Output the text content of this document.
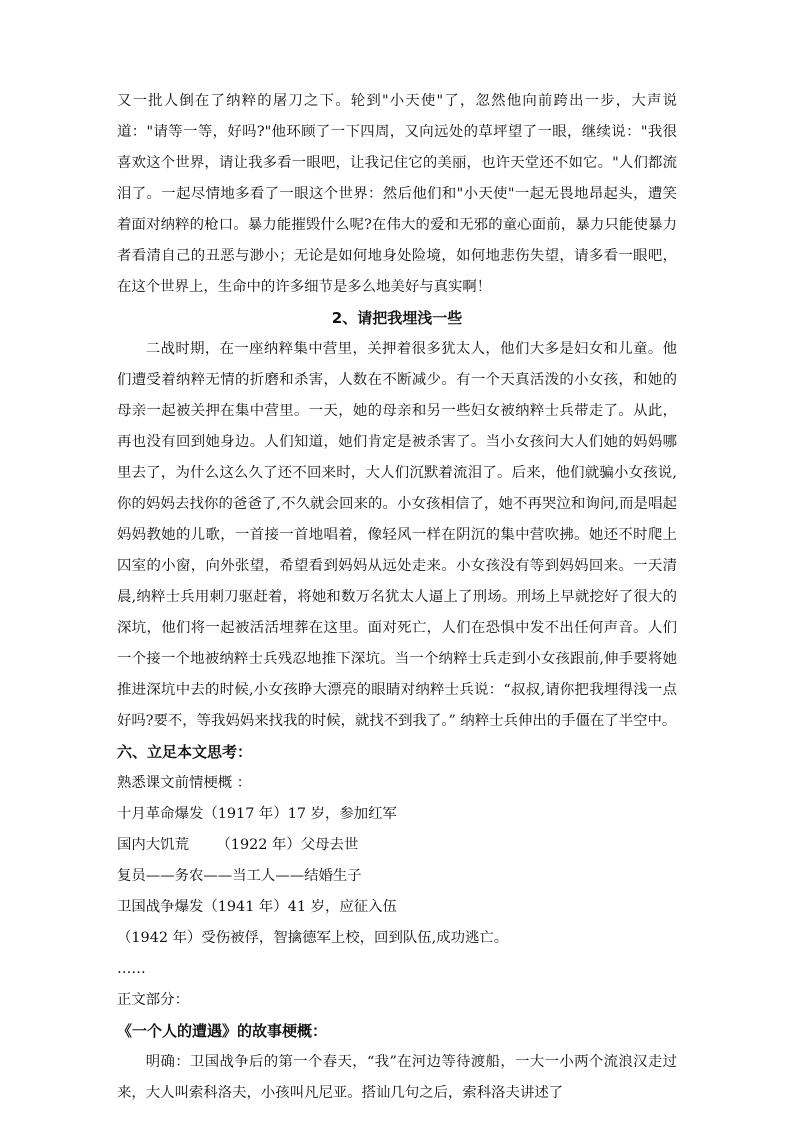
又一批人倒在了纳粹的屠刀之下。轮到"小天使"了，忽然他向前跨出一步，大声说道："请等一等，好吗?"他环顾了一下四周，又向远处的草坪望了一眼，继续说："我很喜欢这个世界，请让我多看一眼吧，让我记住它的美丽，也许天堂还不如它。"人们都流泪了。一起尽情地多看了一眼这个世界：然后他们和"小天使"一起无畏地昂起头，遭笑着面对纳粹的枪口。暴力能摧毁什么呢?在伟大的爱和无邪的童心面前，暴力只能使暴力者看清自己的丑恶与渺小；无论是如何地身处险境，如何地悲伤失望，请多看一眼吧，在这个世界上，生命中的许多细节是多么地美好与真实啊！

2、请把我埋浅一些

二战时期，在一座纳粹集中营里，关押着很多犹太人，他们大多是妇女和儿童。他们遭受着纳粹无情的折磨和杀害，人数在不断减少。有一个天真活泼的小女孩，和她的母亲一起被关押在集中营里。一天，她的母亲和另一些妇女被纳粹士兵带走了。从此，再也没有回到她身边。人们知道，她们肯定是被杀害了。当小女孩问大人们她的妈妈哪里去了，为什么这么久了还不回来时，大人们沉默着流泪了。后来，他们就骗小女孩说,你的妈妈去找你的爸爸了,不久就会回来的。小女孩相信了，她不再哭泣和询问,而是唱起妈妈教她的儿歌，一首接一首地唱着，像轻风一样在阴沉的集中营吹拂。她还不时爬上囚室的小窗，向外张望，希望看到妈妈从远处走来。小女孩没有等到妈妈回来。一天清晨,纳粹士兵用刺刀驱赶着，将她和数万名犹太人逼上了刑场。刑场上早就挖好了很大的深坑，他们将一起被活活埋葬在这里。面对死亡，人们在恐惧中发不出任何声音。人们一个接一个地被纳粹士兵残忍地推下深坑。当一个纳粹士兵走到小女孩跟前,伸手要将她推进深坑中去的时候,小女孩睁大漂亮的眼睛对纳粹士兵说：“叔叔,请你把我埋得浅一点好吗?要不，等我妈妈来找我的时候，就找不到我了。” 纳粹士兵伸出的手僵在了半空中。

六、立足本文思考：

熟悉课文前情梗概 ：

十月革命爆发（1917 年）17 岁，参加红军

国内大饥荒      （1922 年）父母去世

复员——务农——当工人——结婚生子

卫国战争爆发（1941 年）41 岁，应征入伍

（1942 年）受伤被俘，智擒德军上校，回到队伍,成功逃亡。

……

正文部分：

《一个人的遭遇》的故事梗概：

明确：卫国战争后的第一个春天，“我”在河边等待渡船，一大一小两个流浪汉走过来，大人叫索科洛夫，小孩叫凡尼亚。搭讪几句之后，索科洛夫讲述了
